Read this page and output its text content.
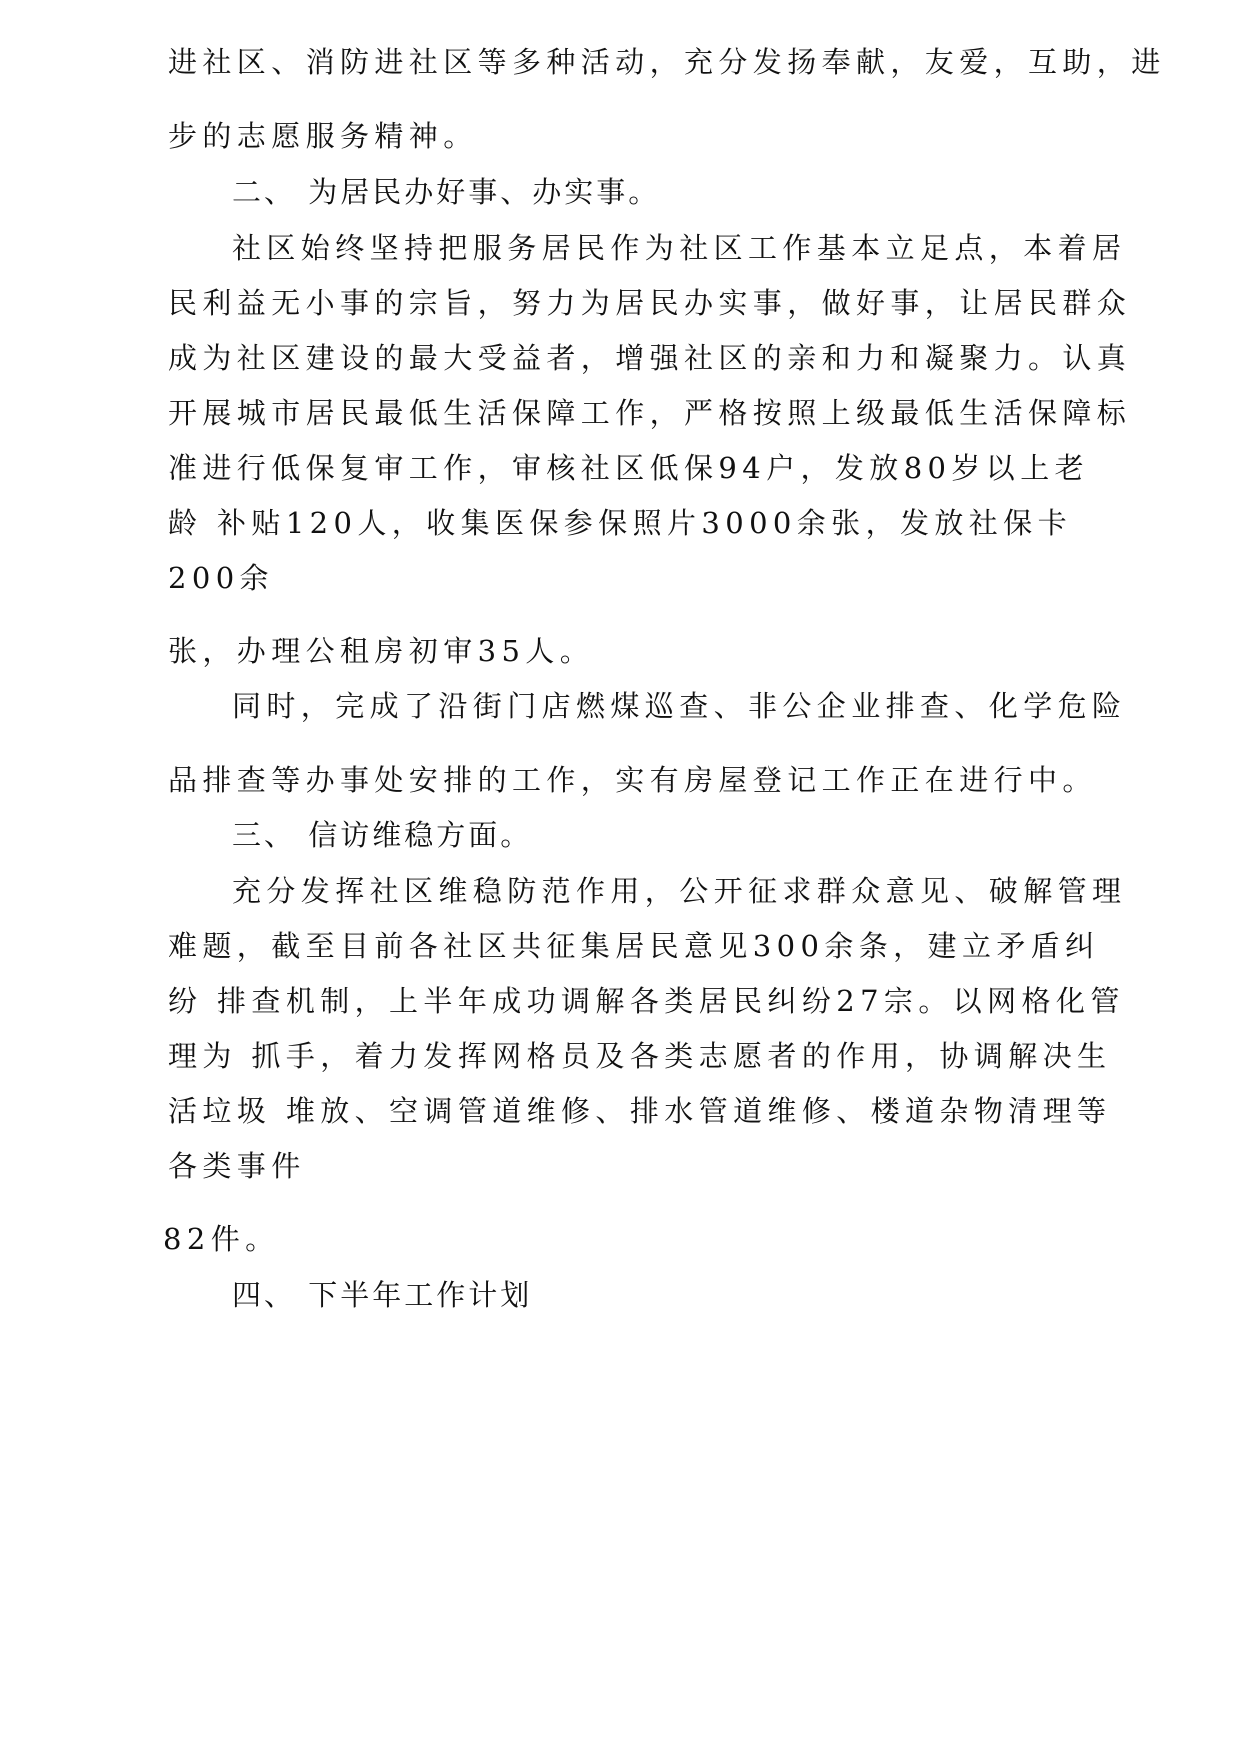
进社区、消防进社区等多种活动，充分发扬奉献，友爱，互助，进
步的志愿服务精神。
二、 为居民办好事、办实事。
社区始终坚持把服务居民作为社区工作基本立足点，本着居
民利益无小事的宗旨，努力为居民办实事，做好事，让居民群众
成为社区建设的最大受益者，增强社区的亲和力和凝聚力。认真
开展城市居民最低生活保障工作，严格按照上级最低生活保障标
准进行低保复审工作，审核社区低保94户，发放80岁以上老
龄 补贴120人，收集医保参保照片3000余张，发放社保卡
200余
张，办理公租房初审35人。
同时，完成了沿街门店燃煤巡查、非公企业排查、化学危险
品排查等办事处安排的工作，实有房屋登记工作正在进行中。
三、 信访维稳方面。
充分发挥社区维稳防范作用，公开征求群众意见、破解管理
难题，截至目前各社区共征集居民意见300余条，建立矛盾纠
纷 排查机制，上半年成功调解各类居民纠纷27宗。以网格化管
理为 抓手，着力发挥网格员及各类志愿者的作用，协调解决生
活垃圾 堆放、空调管道维修、排水管道维修、楼道杂物清理等
各类事件
82件。
四、 下半年工作计划
